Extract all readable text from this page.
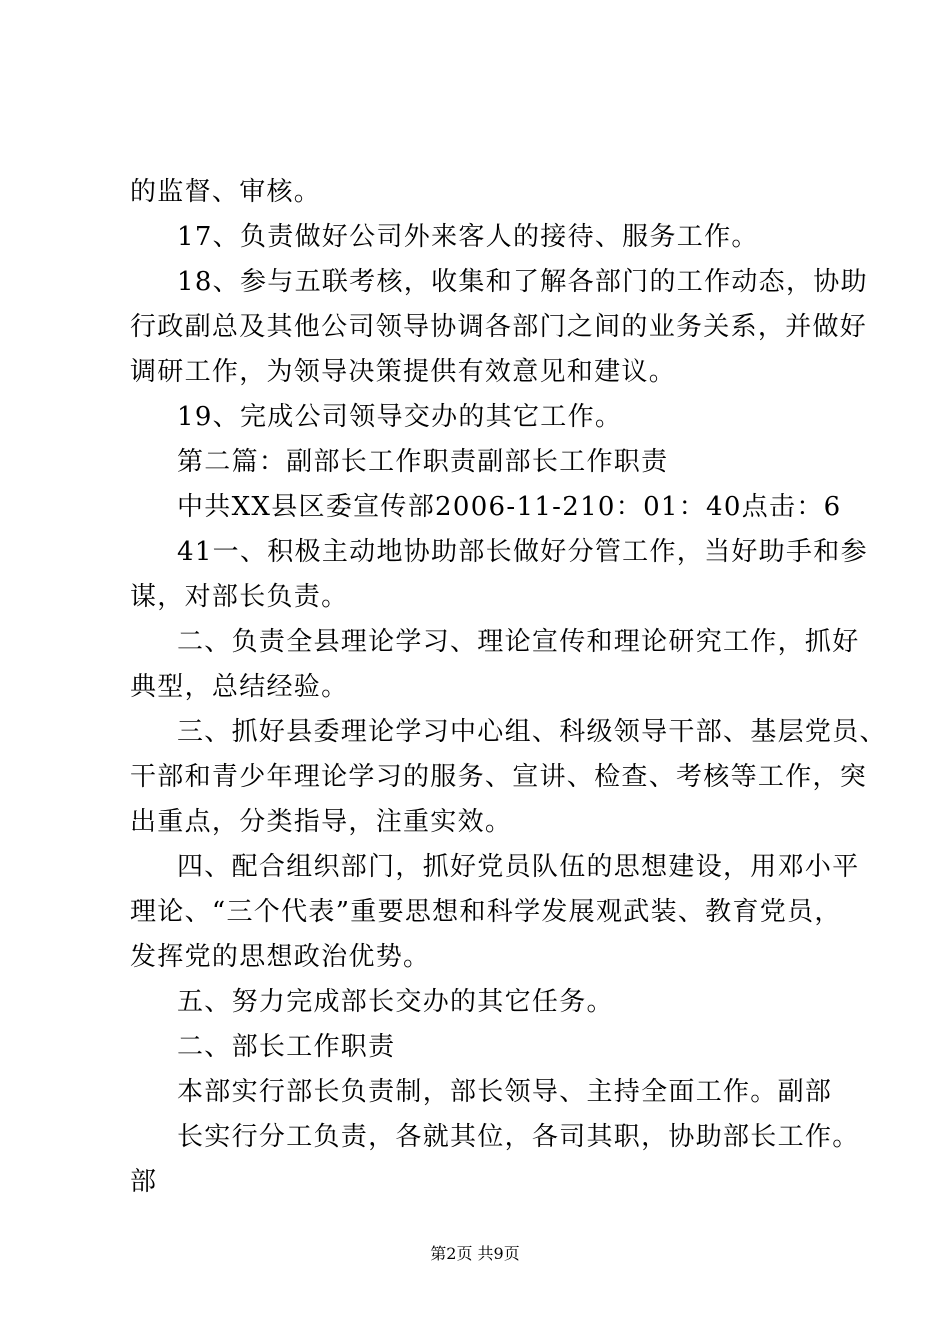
的监督、审核。
17、负责做好公司外来客人的接待、服务工作。
18、参与五联考核，收集和了解各部门的工作动态，协助
行政副总及其他公司领导协调各部门之间的业务关系，并做好
调研工作，为领导决策提供有效意见和建议。
19、完成公司领导交办的其它工作。
第二篇：副部长工作职责副部长工作职责
中共XX县区委宣传部2006-11-210：01：40点击：6
41一、积极主动地协助部长做好分管工作，当好助手和参
谋，对部长负责。
二、负责全县理论学习、理论宣传和理论研究工作，抓好
典型，总结经验。
三、抓好县委理论学习中心组、科级领导干部、基层党员、
干部和青少年理论学习的服务、宣讲、检查、考核等工作，突
出重点，分类指导，注重实效。
四、配合组织部门，抓好党员队伍的思想建设，用邓小平
理论、“三个代表”重要思想和科学发展观武装、教育党员，
发挥党的思想政治优势。
五、努力完成部长交办的其它任务。
二、部长工作职责
本部实行部长负责制，部长领导、主持全面工作。副部
长实行分工负责，各就其位，各司其职，协助部长工作。
部
第2页 共9页
